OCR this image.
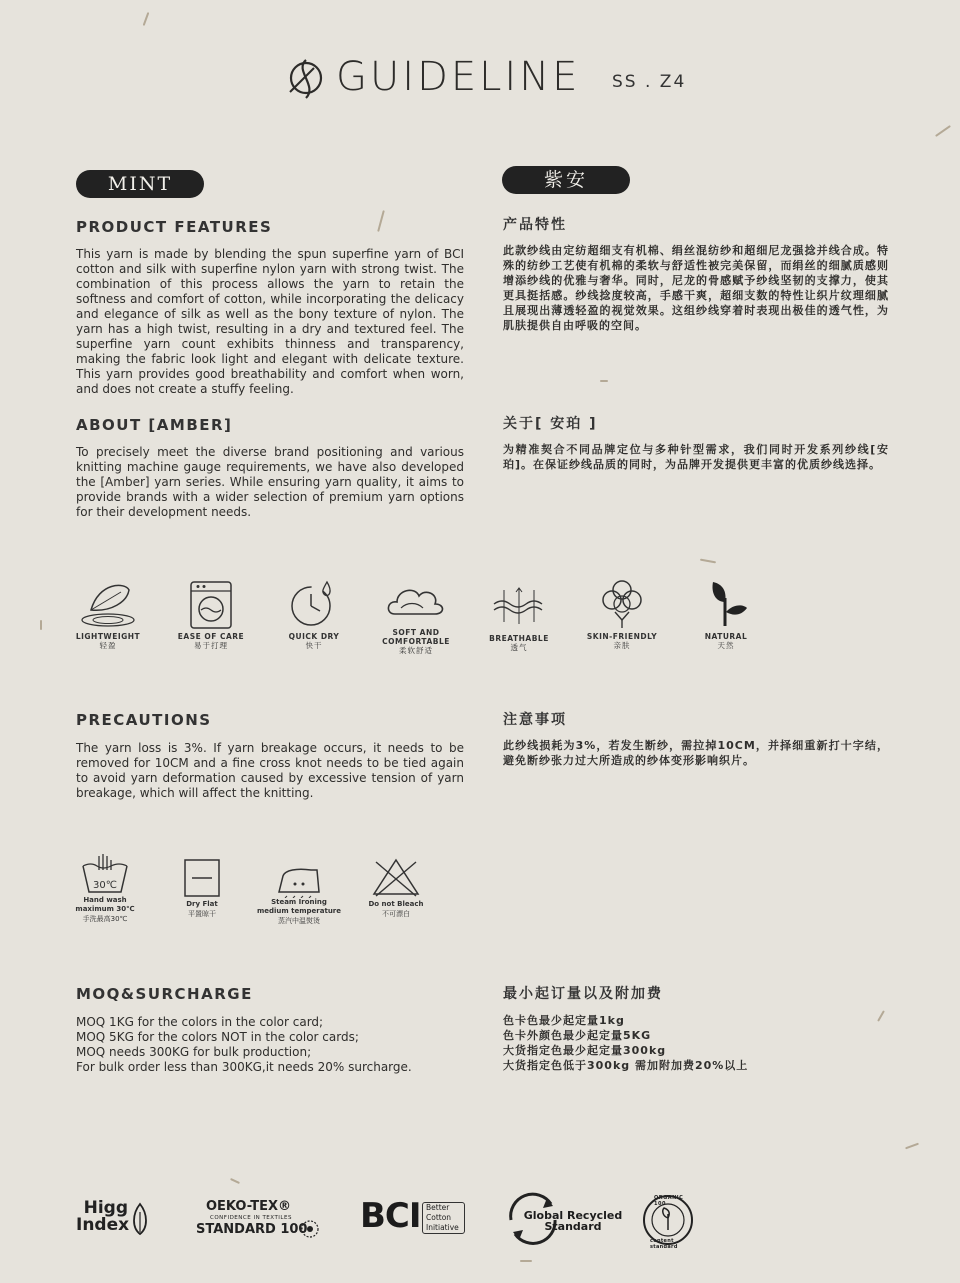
GUIDELINE SS . Z4
MINT	紫安
PRODUCT FEATURES	产品特性
This yarn is made by blending the spun superfine yarn of BCI cotton and silk with superfine nylon yarn with strong twist. The combination of this process allows the yarn to retain the softness and comfort of cotton, while incorporating the delicacy and elegance of silk as well as the bony texture of nylon. The yarn has a high twist, resulting in a dry and textured feel. The superfine yarn count exhibits thinness and transparency, making the fabric look light and elegant with delicate texture. This yarn provides good breathability and comfort when worn, and does not create a stuffy feeling.
此款纱线由定纺超细支有机棉、绢丝混纺纱和超细尼龙强捻并线合成。特殊的纺纱工艺使有机棉的柔软与舒适性被完美保留，而绢丝的细腻质感则增添纱线的优雅与奢华。同时，尼龙的骨感赋予纱线坚韧的支撑力，使其更具挺括感。纱线捻度较高，手感干爽，超细支数的特性让织片纹理细腻且展现出薄透轻盈的视觉效果。这组纱线穿着时表现出极佳的透气性，为肌肤提供自由呼吸的空间。
ABOUT [AMBER]	关于[ 安珀 ]
To precisely meet the diverse brand positioning and various knitting machine gauge requirements, we have also developed the [Amber] yarn series. While ensuring yarn quality, it aims to provide brands with a wider selection of premium yarn options for their development needs.
为精准契合不同品牌定位与多种针型需求，我们同时开发系列纱线[安珀]。在保证纱线品质的同时，为品牌开发提供更丰富的优质纱线选择。
LIGHTWEIGHT
轻盈
EASE OF CARE
易于打理
QUICK DRY
快干
SOFT AND COMFORTABLE
柔软舒适
BREATHABLE
透气
SKIN-FRIENDLY
亲肤
NATURAL
天然
PRECAUTIONS	注意事项
The yarn loss is 3%. If yarn breakage occurs, it needs to be removed for 10CM and a fine cross knot needs to be tied again to avoid yarn deformation caused by excessive tension of yarn breakage, which will affect the knitting.
此纱线损耗为3%，若发生断纱，需拉掉10CM，并择细重新打十字结，避免断纱张力过大所造成的纱体变形影响织片。
30℃
Hand wash
maximum 30℃
手洗最高30℃
Dry Flat
平置晾干
Steam Ironing
medium temperature
蒸汽中温熨烫
Do not Bleach
不可漂白
MOQ&SURCHARGE	最小起订量以及附加费
MOQ 1KG for the colors in the color card;
MOQ 5KG for the colors NOT in the color cards;
MOQ needs 300KG for bulk production;
For bulk order less than 300KG,it needs 20% surcharge.
色卡色最少起定量1kg
色卡外颜色最少起定量5KG
大货指定色最少起定量300kg
大货指定色低于300kg 需加附加费20%以上
Higg
Index
OEKO-TEX®
CONFIDENCE IN TEXTILES
STANDARD 100 BCI Better
Cotton
Initiative
Global Recycled
Standard
ORGANIC 100
content standard
